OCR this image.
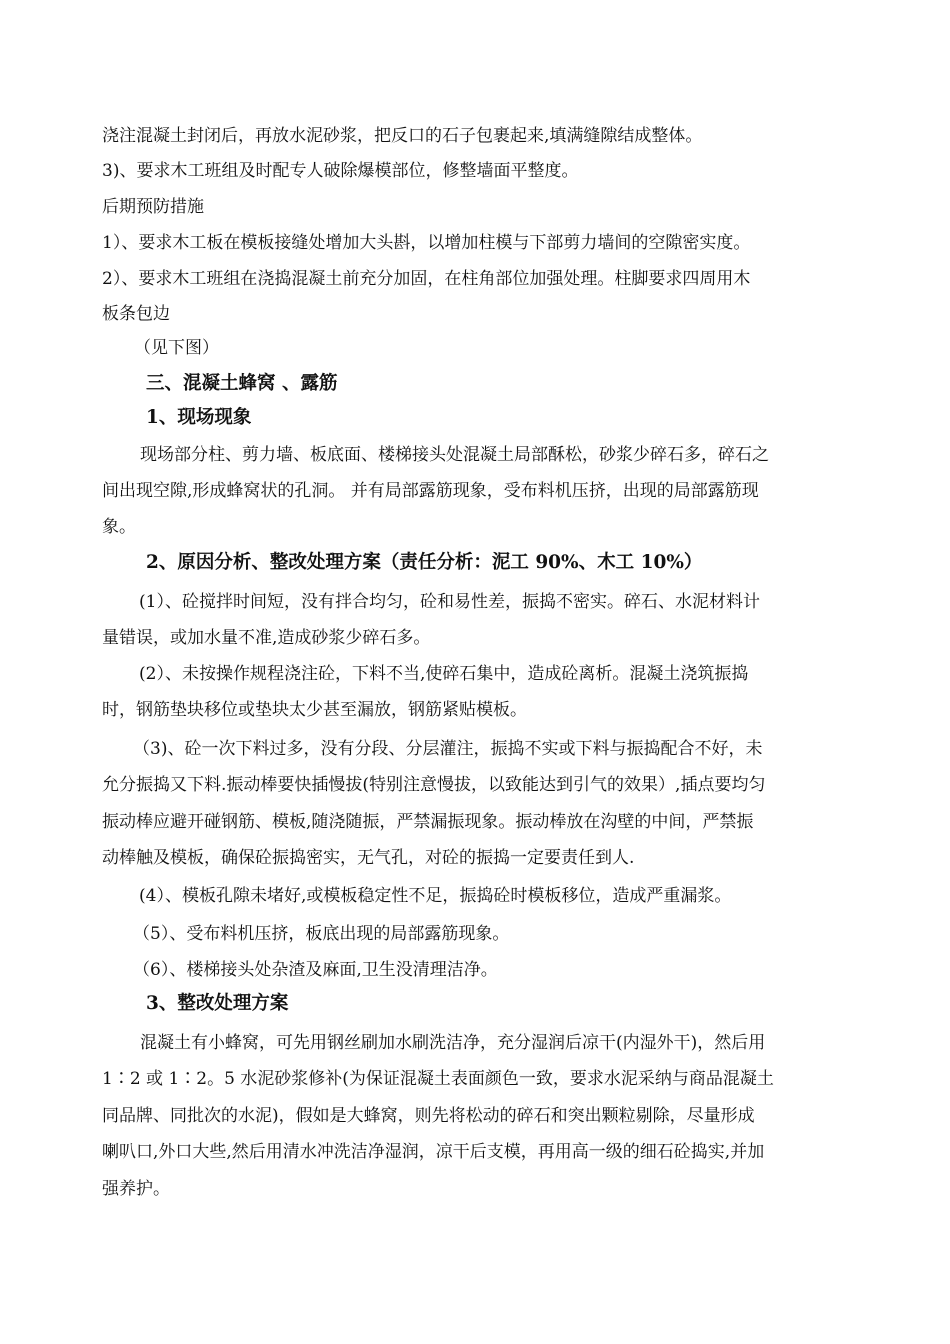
浇注混凝土封闭后，再放水泥砂浆，把反口的石子包裹起来,填满缝隙结成整体。
3)、要求木工班组及时配专人破除爆模部位，修整墙面平整度。
后期预防措施
1）、要求木工板在模板接缝处增加大头斟，以增加柱模与下部剪力墙间的空隙密实度。
2）、要求木工班组在浇捣混凝土前充分加固，在柱角部位加强处理。柱脚要求四周用木
板条包边
（见下图）
三、混凝土蜂窝 、露筋
1、现场现象
现场部分柱、剪力墙、板底面、楼梯接头处混凝土局部酥松，砂浆少碎石多，碎石之
间出现空隙,形成蜂窝状的孔洞。 并有局部露筋现象，受布料机压挤，出现的局部露筋现
象。
2、原因分析、整改处理方案（责任分析：泥工 90%、木工 10%）
(1）、砼搅拌时间短，没有拌合均匀，砼和易性差，振捣不密实。碎石、水泥材料计
量错误，或加水量不准,造成砂浆少碎石多。
(2）、未按操作规程浇注砼，下料不当,使碎石集中，造成砼离析。混凝土浇筑振捣
时，钢筋垫块移位或垫块太少甚至漏放，钢筋紧贴模板。
（3)、砼一次下料过多，没有分段、分层灌注，振捣不实或下料与振捣配合不好，未
允分振捣又下料.振动棒要快插慢拔(特别注意慢拔，以致能达到引气的效果）,插点要均匀
振动棒应避开碰钢筋、模板,随浇随振，严禁漏振现象。振动棒放在沟壁的中间，严禁振
动棒触及模板，确保砼振捣密实，无气孔，对砼的振捣一定要责任到人.
(4）、模板孔隙未堵好,或模板稳定性不足，振捣砼时模板移位，造成严重漏浆。
（5）、受布料机压挤，板底出现的局部露筋现象。
（6）、楼梯接头处杂渣及麻面,卫生没清理洁净。
3、整改处理方案
混凝土有小蜂窝，可先用钢丝刷加水刷洗洁净，充分湿润后凉干(内湿外干)，然后用
1∶2 或 1∶2。5 水泥砂浆修补(为保证混凝土表面颜色一致，要求水泥采纳与商品混凝土
同品牌、同批次的水泥)，假如是大蜂窝，则先将松动的碎石和突出颗粒剔除，尽量形成
喇叭口,外口大些,然后用清水冲洗洁净湿润，凉干后支模，再用高一级的细石砼捣实,并加
强养护。
